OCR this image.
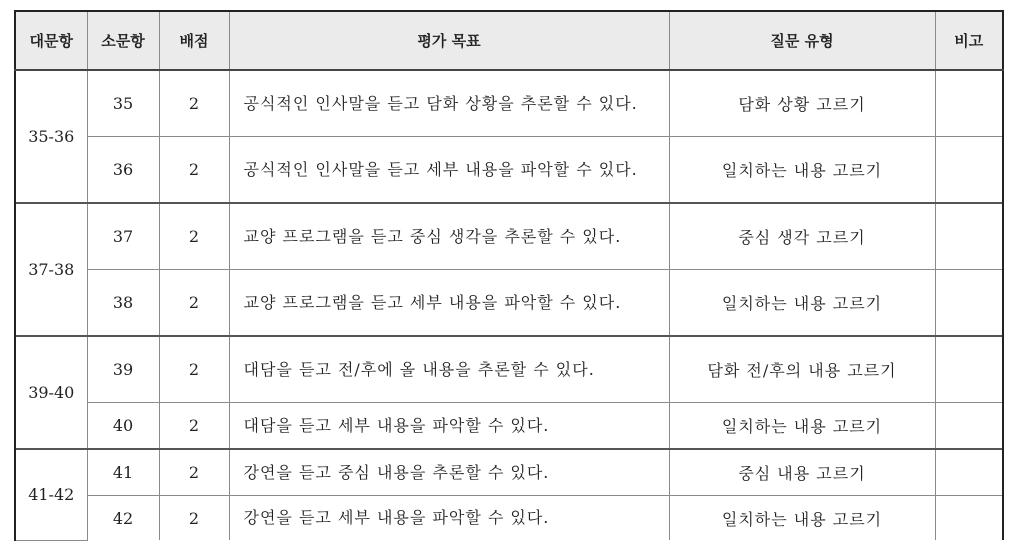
대문항	소문항	배점	평가 목표	질문 유형	비고
35-36	35	2	공식적인 인사말을 듣고 담화 상황을 추론할 수 있다.	담화 상황 고르기	
	36	2	공식적인 인사말을 듣고 세부 내용을 파악할 수 있다.	일치하는 내용 고르기	
37-38	37	2	교양 프로그램을 듣고 중심 생각을 추론할 수 있다.	중심 생각 고르기	
	38	2	교양 프로그램을 듣고 세부 내용을 파악할 수 있다.	일치하는 내용 고르기	
39-40	39	2	대담을 듣고 전/후에 올 내용을 추론할 수 있다.	담화 전/후의 내용 고르기	
	40	2	대담을 듣고 세부 내용을 파악할 수 있다.	일치하는 내용 고르기	
41-42	41	2	강연을 듣고 중심 내용을 추론할 수 있다.	중심 내용 고르기	
	42	2	강연을 듣고 세부 내용을 파악할 수 있다.	일치하는 내용 고르기	
